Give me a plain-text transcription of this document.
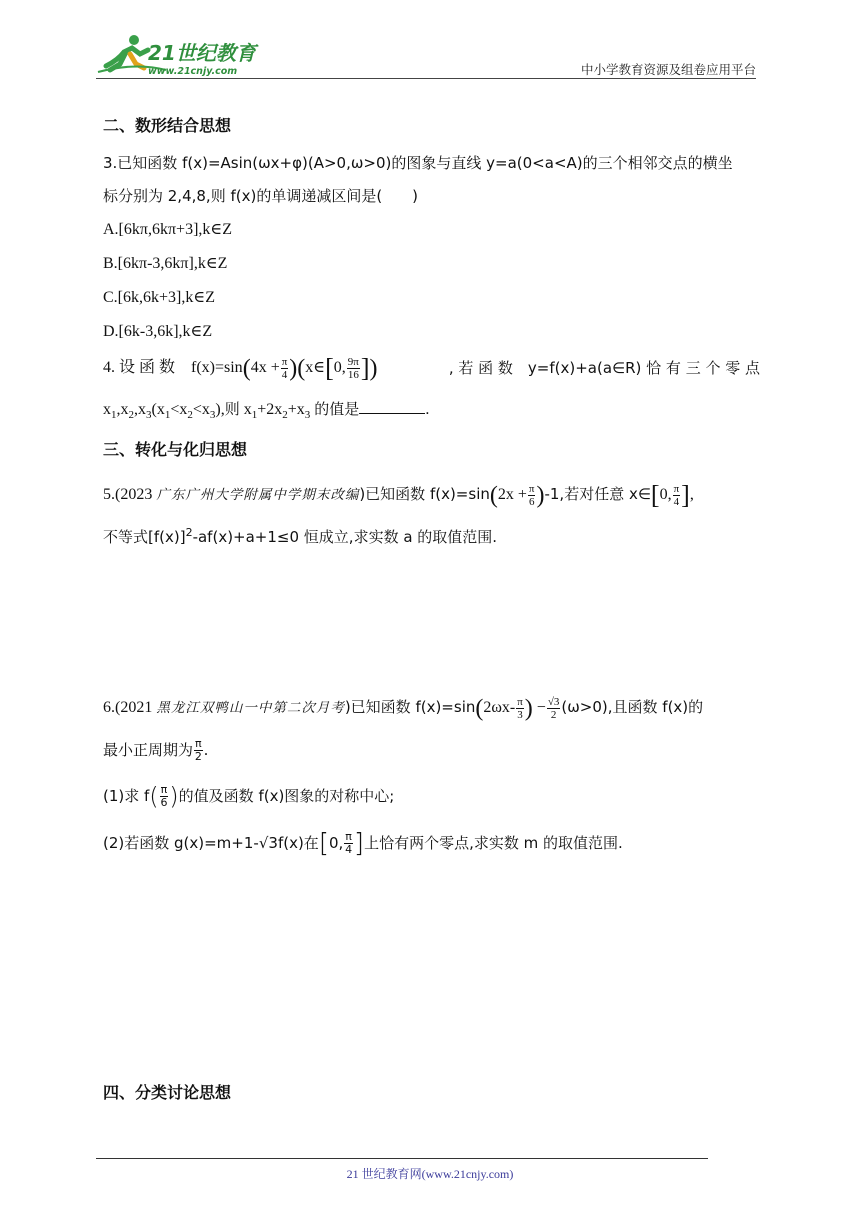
21世纪教育
www.21cnjy.com	中小学教育资源及组卷应用平台
二、数形结合思想
3.已知函数 f(x)=Asin(ωx+φ)(A>0,ω>0)的图象与直线 y=a(0<a<A)的三个相邻交点的横坐
标分别为 2,4,8,则 f(x)的单调递减区间是(　　)
A.[6kπ,6kπ+3],k∈Z
B.[6kπ-3,6kπ],k∈Z
C.[6k,6k+3],k∈Z
D.[6k-3,6k],k∈Z
4. 设 函 数　$f(x)=\sin(4x + \frac{\pi}{4}$ )(x∈[0, $\frac{9\pi}{16}$ ])	, 若 函 数　y=f(x)+a(a∈R) 恰 有 三 个 零 点
$x_1,x_2,x_3(x_1<x_2<x_3)$,则 $x_1+2x_2+x_3$ 的值是	.
三、转化与化归思想
5.(2023 广东广州大学附属中学期末改编)已知函数 $f(x)=\sin(2x + \frac{\pi}{6} )-1$,若对任意 x∈[0, $\frac{\pi}{4}$ ],
不等式$[f(x)]^2-af(x)+a+1\le 0$ 恒成立,求实数 a 的取值范围.
6.(2021 黑龙江双鸭山一中第二次月考)已知函数 $f(x)=\sin(2\omega x- \frac{\pi}{3}$ ) − $\frac{√3}{2} (\omega>0)$,且函数 f(x)的
最小正周期为 $\frac{\pi}{2}$ .
(1)求 $f( \frac{\pi}{6}$ )的值及函数 f(x)图象的对称中心;
(2)若函数 g(x)=m+1-√3f(x)在[0, $\frac{\pi}{4}$ ]上恰有两个零点,求实数 m 的取值范围.
四、分类讨论思想
21 世纪教育网(www.21cnjy.com)
